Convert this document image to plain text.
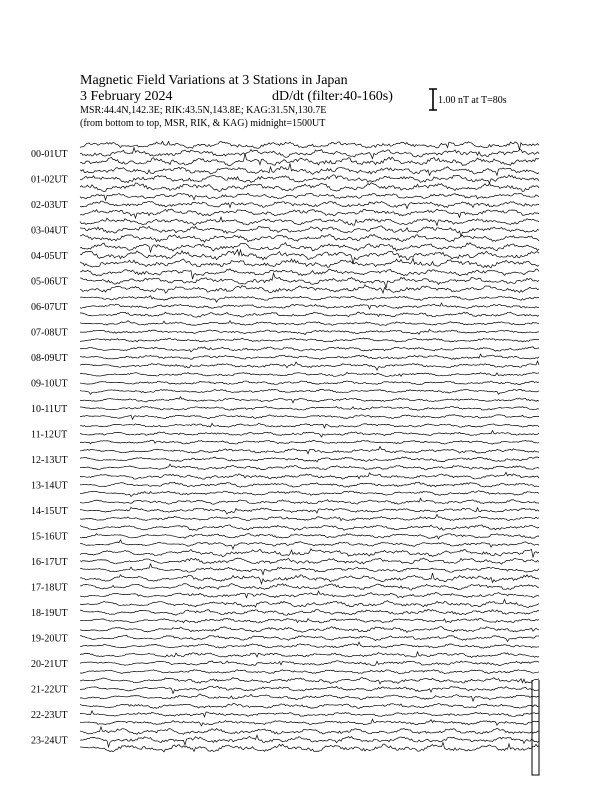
Magnetic Field Variations at 3 Stations in Japan
3 February 2024	dD/dt (filter:40-160s)
MSR:44.4N,142.3E; RIK:43.5N,143.8E; KAG:31.5N,130.7E
(from bottom to top, MSR, RIK, & KAG) midnight=1500UT
1.00 nT at T=80s
00-01UT
01-02UT
02-03UT
03-04UT
04-05UT
05-06UT
06-07UT
07-08UT
08-09UT
09-10UT
10-11UT
11-12UT
12-13UT
13-14UT
14-15UT
15-16UT
16-17UT
17-18UT
18-19UT
19-20UT
20-21UT
21-22UT
22-23UT
23-24UT
